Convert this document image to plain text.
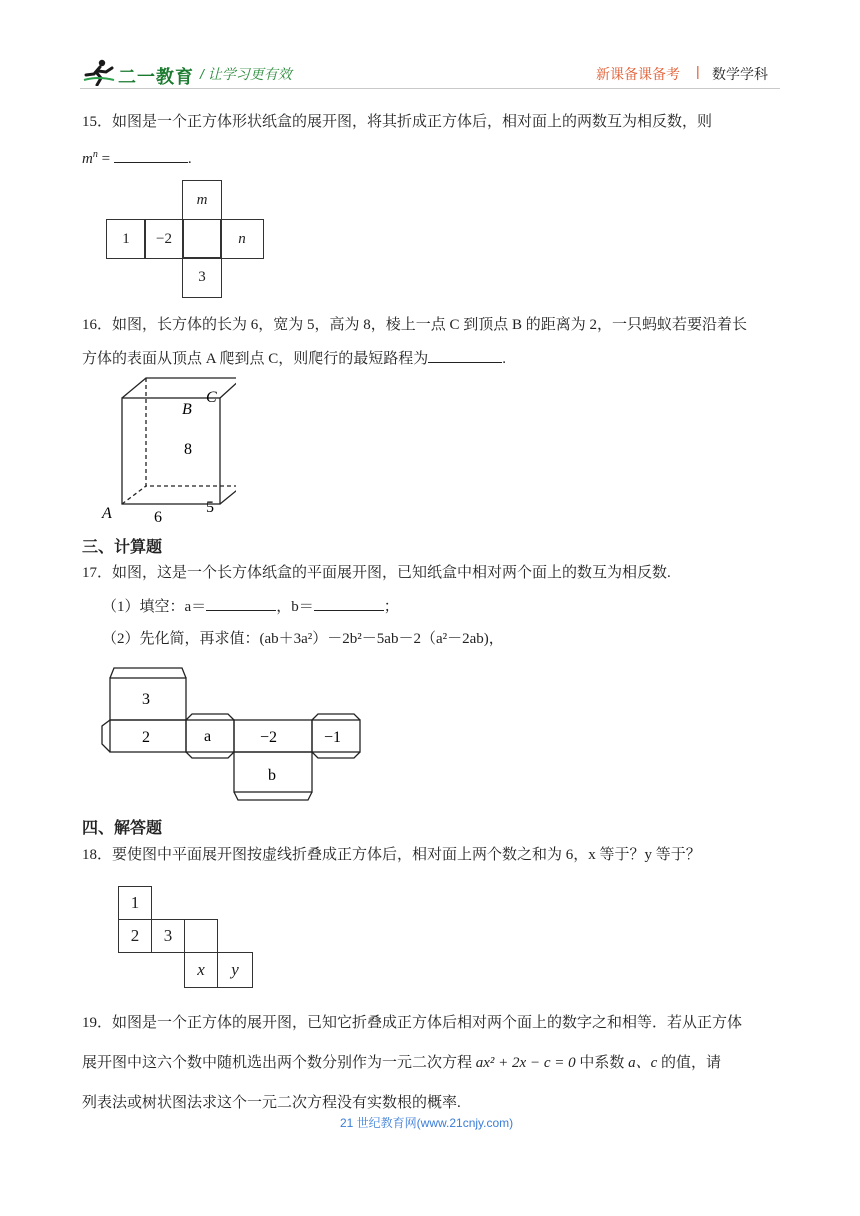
二一教育 / 让学习更有效	新课备课备考 | 数学学科
15．如图是一个正方体形状纸盒的展开图，将其折成正方体后，相对面上的两数互为相反数，则
$m^n$ =	.
m
1	−2	n
3
16．如图，长方体的长为 6，宽为 5，高为 8，棱上一点 C 到顶点 B 的距离为 2，一只蚂蚁若要沿着长
方体的表面从顶点 A 爬到点 C，则爬行的最短路程为	.
B
C
8
A	6
5
三、计算题
17．如图，这是一个长方体纸盒的平面展开图，已知纸盒中相对两个面上的数互为相反数.
（1）填空：a＝	，b＝	；
（2）先化简，再求值：(ab＋3a²）－2b²－5ab－2（a²－2ab)，
3
2	a	−2	−1
b
四、解答题
18．要使图中平面展开图按虚线折叠成正方体后，相对面上两个数之和为 6，x 等于？y 等于？
1
2	3
x	y
19．如图是一个正方体的展开图，已知它折叠成正方体后相对两个面上的数字之和相等．若从正方体
展开图中这六个数中随机选出两个数分别作为一元二次方程 ax² + 2x − c = 0 中系数 a、c 的值，请
列表法或树状图法求这个一元二次方程没有实数根的概率.
21 世纪教育网(www.21cnjy.com)
